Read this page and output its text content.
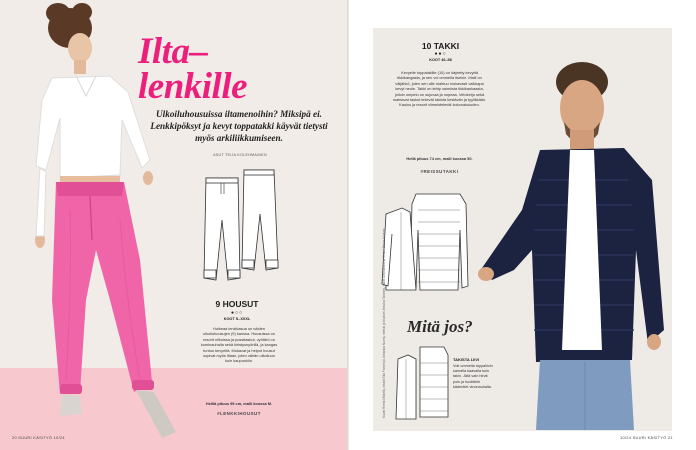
Ilta–
lenkille
Ulkoiluhousuissa iltamenoihin? Miksipä ei. Lenkkipöksyt ja kevyt toppatakki käyvät tietysti myös arkiliikkumiseen.
ASUT TEIJA KOLEHMAINEN
9 HOUSUT
●○○
KOOT S–XXXL
Huikeaa lenkkiasua on näiden ulkoiluhousujen (9) kanssa. Housuissa on resorit nilkoissa ja pussitaskut, vyötärö on kuminauhalla sekä kiristysnyörillä, ja kangas tuntuu kevyeltä. Mukavat ja helpot housut sopivat myös iltaan, joten vähän ulkoiluun kuin kaupunkiin.
Helllä pituus 99 cm, malli koossa M.
#LENKKIHOUSUT
20 SUURI KÄSITYÖ 10/24
10 TAKKI
●●○
KOOT 46–58
Kevyelle toppatakille (10) on käytetty kevyttä tikkikangasta, ja sen voi ommella itsekin. Malli on väljähkö, joten sen alle mahtuu mukavasti vaikkapa kevyt neule. Takki on tehty valmiista tikkikankaasta, jolloin ompelu on sujuvaa ja nopeaa. Vetoketju sekä mahtavat taskut tekevät takista kestävän ja tyylikkään. Kaulus ja resorit viimeistelevät kokonaisuuden.
Hellä pituus 74 cm, malli koossa 50.
#REISSUTAKKI
Mitä jos?
TAKISTA LIIVI
Voit ommella toppaliivin samalla kaavalla kuin takin. Jätä vain hihat pois ja huolittele kädentiet vinonauhalla.
Kuvat Reeta Mäkelä, tekstit Eila Forsell ja Johanna Nurmi, meikki ja hiukset Jessica Talonen, mallit Aleksandra ja Vesa / Brave Models
10/24 SUURI KÄSITYÖ 21
